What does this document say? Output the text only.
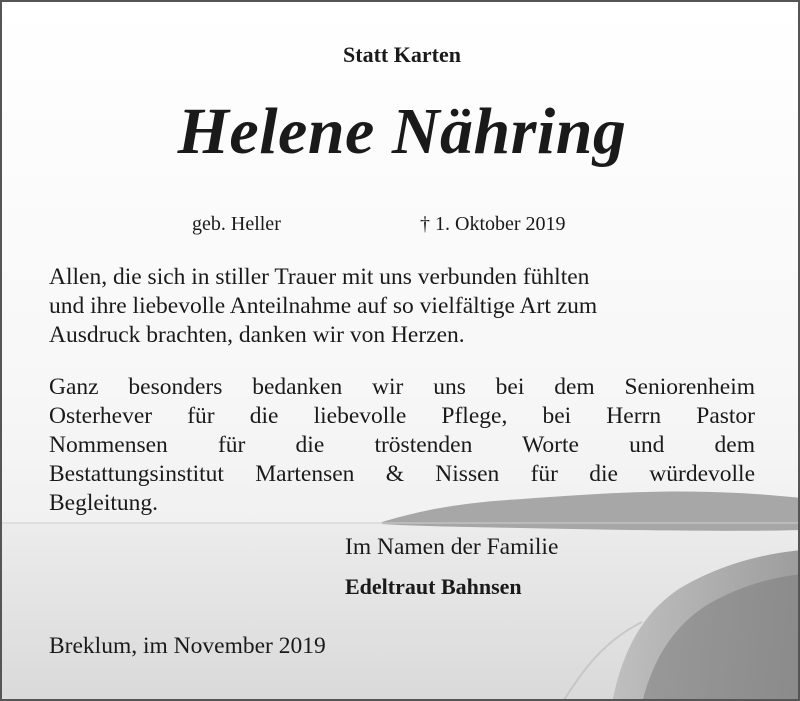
Statt Karten
Helene Nähring
geb. Heller	† 1. Oktober 2019
Allen, die sich in stiller Trauer mit uns verbunden fühlten
und ihre liebevolle Anteilnahme auf so vielfältige Art zum
Ausdruck brachten, danken wir von Herzen.
Ganz besonders bedanken wir uns bei dem Seniorenheim
Osterhever für die liebevolle Pflege, bei Herrn Pastor
Nommensen für die tröstenden Worte und dem
Bestattungsinstitut Martensen & Nissen für die würdevolle
Begleitung.
Im Namen der Familie
Edeltraut Bahnsen
Breklum, im November 2019
